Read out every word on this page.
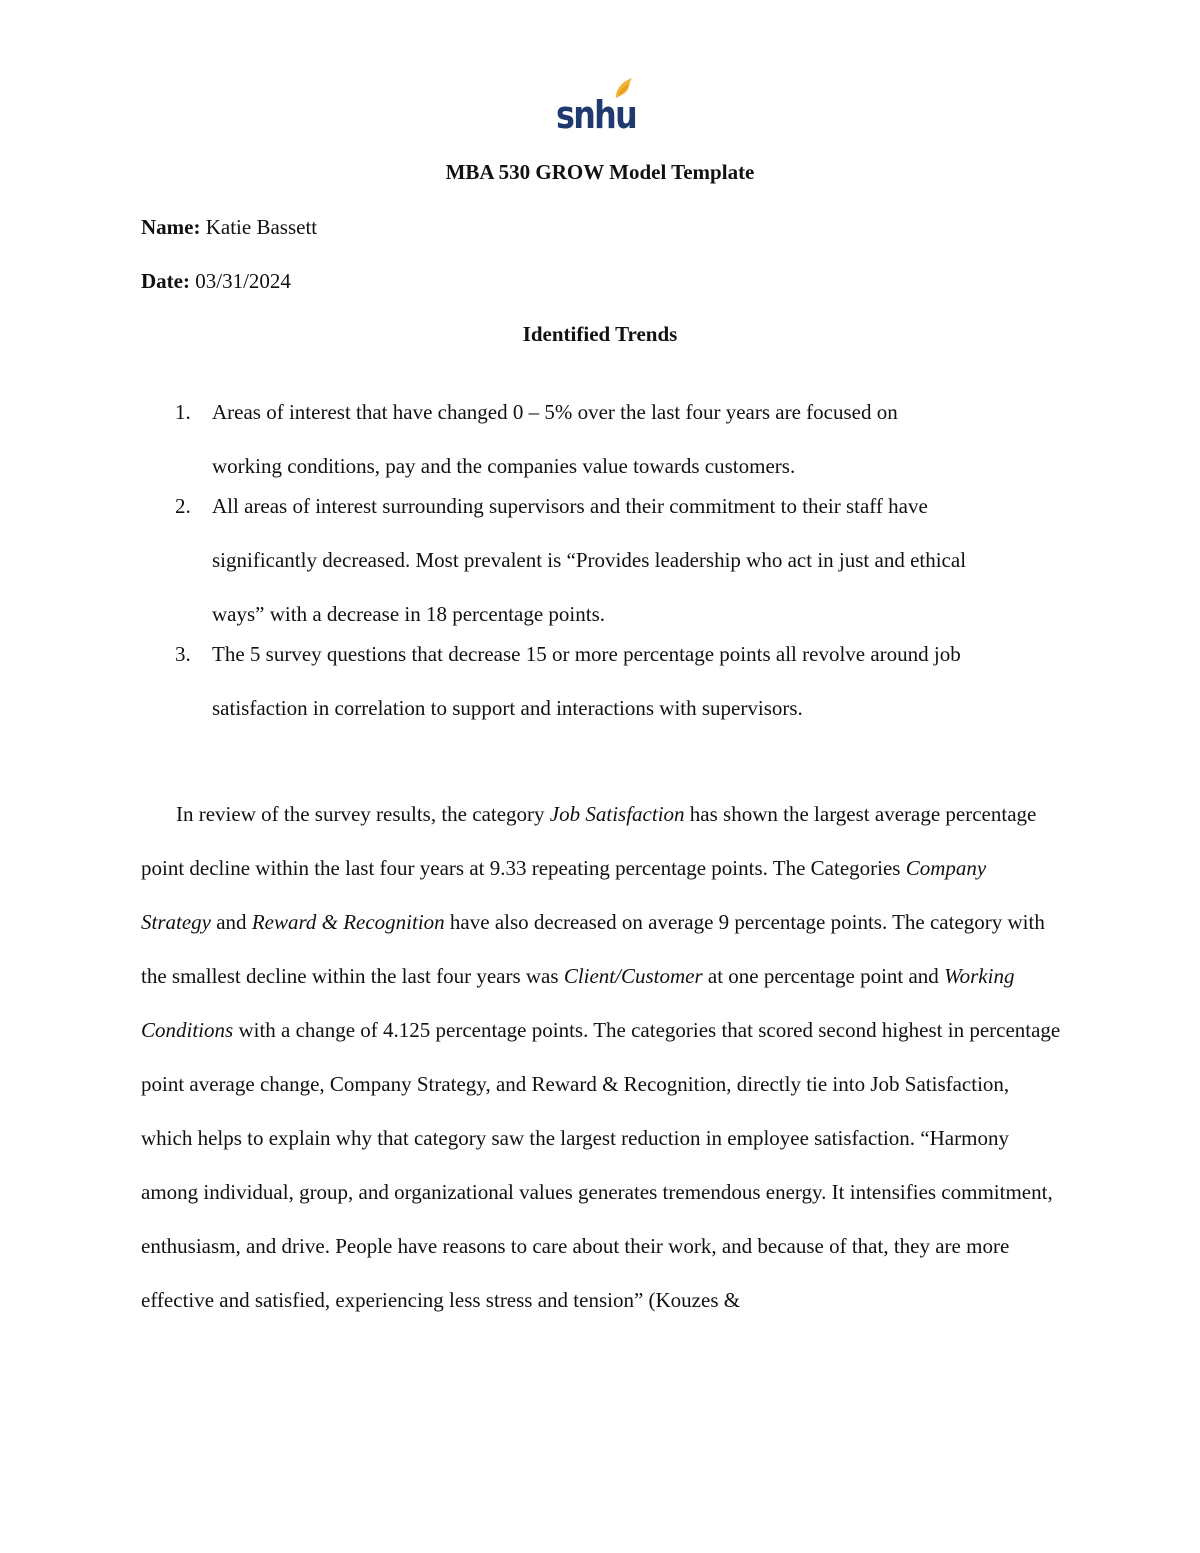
snhu
MBA 530 GROW Model Template
Name: Katie Bassett
Date: 03/31/2024
Identified Trends
1. Areas of interest that have changed 0 – 5% over the last four years are focused on
working conditions, pay and the companies value towards customers.
2. All areas of interest surrounding supervisors and their commitment to their staff have
significantly decreased. Most prevalent is “Provides leadership who act in just and ethical
ways” with a decrease in 18 percentage points.
3. The 5 survey questions that decrease 15 or more percentage points all revolve around job
satisfaction in correlation to support and interactions with supervisors.

In review of the survey results, the category Job Satisfaction has shown the largest average percentage point decline within the last four years at 9.33 repeating percentage points. The Categories Company Strategy and Reward & Recognition have also decreased on average 9 percentage points. The category with the smallest decline within the last four years was Client/Customer at one percentage point and Working Conditions with a change of 4.125 percentage points. The categories that scored second highest in percentage point average change, Company Strategy, and Reward & Recognition, directly tie into Job Satisfaction, which helps to explain why that category saw the largest reduction in employee satisfaction. “Harmony among individual, group, and organizational values generates tremendous energy. It intensifies commitment, enthusiasm, and drive. People have reasons to care about their work, and because of that, they are more effective and satisfied, experiencing less stress and tension” (Kouzes &
